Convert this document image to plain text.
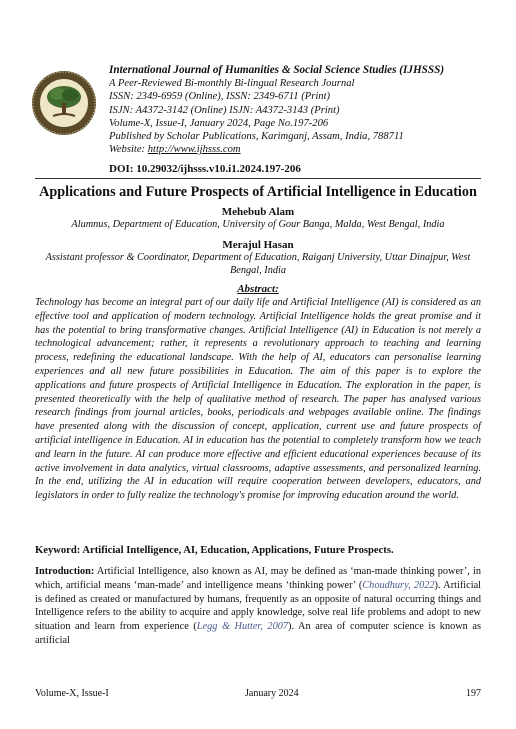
International Journal of Humanities & Social Science Studies (IJHSSS)
A Peer-Reviewed Bi-monthly Bi-lingual Research Journal
ISSN: 2349-6959 (Online), ISSN: 2349-6711 (Print)
ISJN: A4372-3142 (Online) ISJN: A4372-3143 (Print)
Volume-X, Issue-I, January 2024, Page No.197-206
Published by Scholar Publications, Karimganj, Assam, India, 788711
Website: http://www.ijhsss.com
DOI: 10.29032/ijhsss.v10.i1.2024.197-206
Applications and Future Prospects of Artificial Intelligence in Education
Mehebub Alam
Alumnus, Department of Education, University of Gour Banga, Malda, West Bengal, India
Merajul Hasan
Assistant professor & Coordinator, Department of Education, Raiganj University, Uttar Dinajpur, West Bengal, India
Abstract:
Technology has become an integral part of our daily life and Artificial Intelligence (AI) is considered as an effective tool and application of modern technology. Artificial Intelligence holds the great promise and it has the potential to bring transformative changes. Artificial Intelligence (AI) in Education is not merely a technological advancement; rather, it represents a revolutionary approach to teaching and learning process, redefining the educational landscape. With the help of AI, educators can personalise learning experiences and all new future possibilities in Education. The aim of this paper is to explore the applications and future prospects of Artificial Intelligence in Education. The exploration in the paper, is presented theoretically with the help of qualitative method of research. The paper has analysed various research findings from journal articles, books, periodicals and webpages available online. The findings have presented along with the discussion of concept, application, current use and future prospects of artificial intelligence in Education. AI in education has the potential to completely transform how we teach and learn in the future. AI can produce more effective and efficient educational experiences because of its active involvement in data analytics, virtual classrooms, adaptive assessments, and personalized learning. In the end, utilizing the AI in education will require cooperation between developers, educators, and legislators in order to fully realize the technology's promise for improving education around the world.
Keyword: Artificial Intelligence, AI, Education, Applications, Future Prospects.
Introduction: Artificial Intelligence, also known as AI, may be defined as ‘man-made thinking power’, in which, artificial means ‘man-made’ and intelligence means ‘thinking power’ (Choudhury, 2022). Artificial is defined as created or manufactured by humans, frequently as an opposite of natural occurring things and Intelligence refers to the ability to acquire and apply knowledge, solve real life problems and adopt to new situation and learn from experience (Legg & Hutter, 2007). An area of computer science is known as artificial
Volume-X, Issue-I	January 2024	197
